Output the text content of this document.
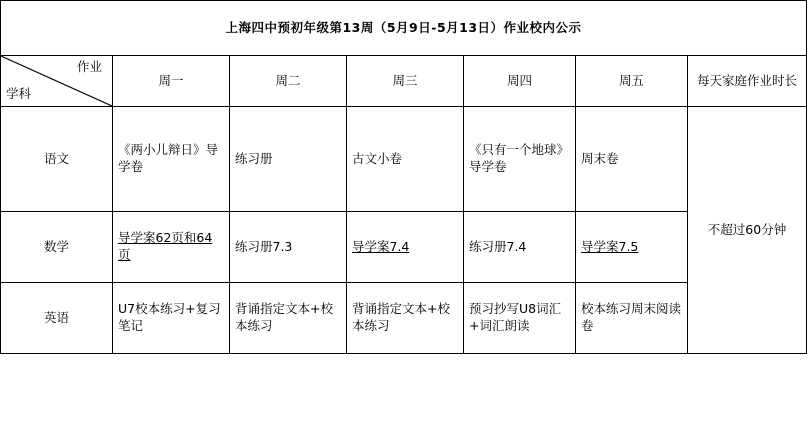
上海四中预初年级第13周（5月9日-5月13日）作业校内公示						

学科
作业	周一	周二	周三	周四	周五	每天家庭作业时长
语文	《两小儿辩日》导学卷	练习册	古文小卷	《只有一个地球》导学卷	周末卷	不超过60分钟
数学	导学案62页和64页	练习册7.3	导学案7.4	练习册7.4	导学案7.5	
英语	U7校本练习+复习笔记	背诵指定文本+校本练习	背诵指定文本+校本练习	预习抄写U8词汇+词汇朗读	校本练习周末阅读卷	
